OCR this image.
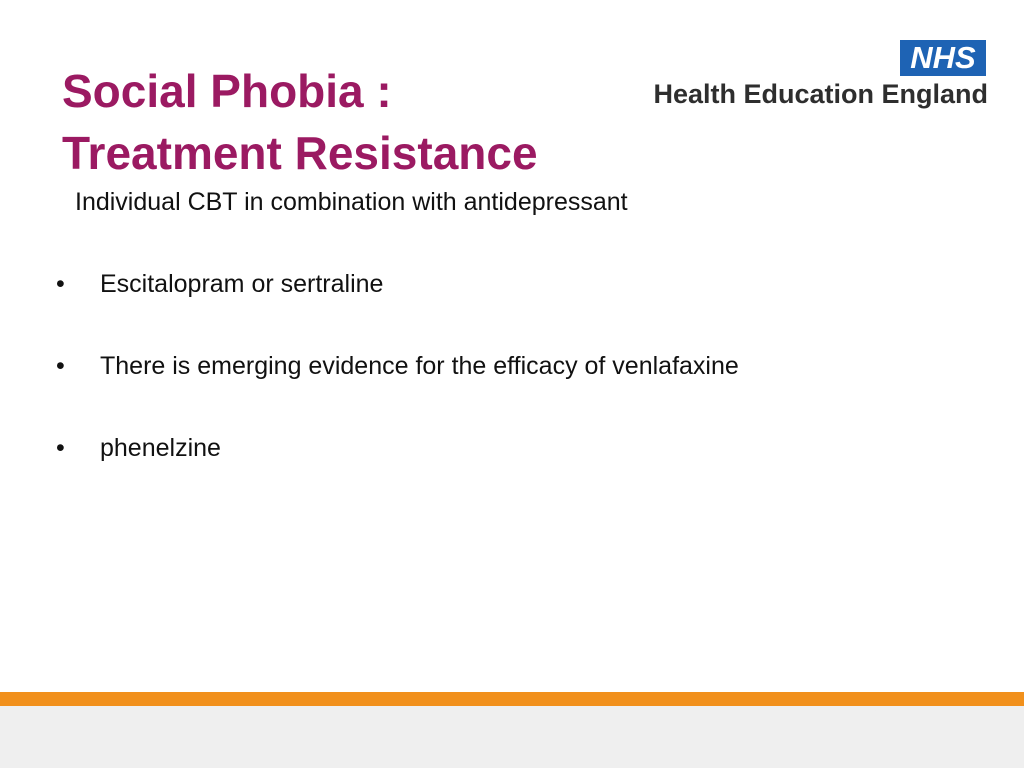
Social Phobia :
Treatment Resistance
NHS
Health Education England

Individual CBT in combination with antidepressant

•	Escitalopram or sertraline
•	There is emerging evidence for the efficacy of venlafaxine
•	phenelzine
